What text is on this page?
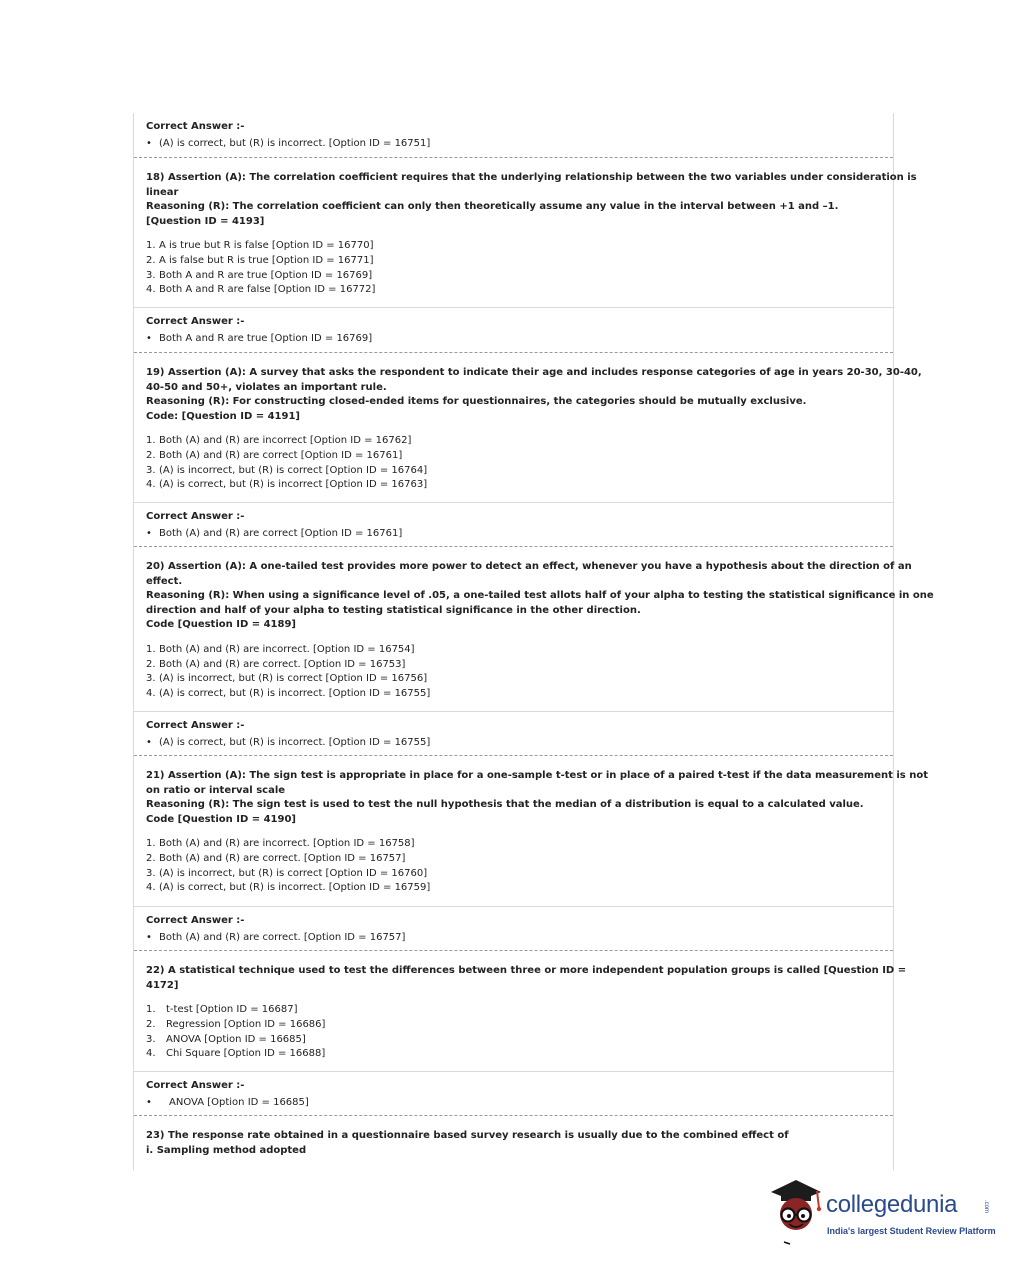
Correct Answer :-
• (A) is correct, but (R) is incorrect. [Option ID = 16751]
18) Assertion (A): The correlation coefficient requires that the underlying relationship between the two variables under consideration is
linear
Reasoning (R): The correlation coefficient can only then theoretically assume any value in the interval between +1 and –1.
[Question ID = 4193]
1. A is true but R is false [Option ID = 16770]
2. A is false but R is true [Option ID = 16771]
3. Both A and R are true [Option ID = 16769]
4. Both A and R are false [Option ID = 16772]
Correct Answer :-
• Both A and R are true [Option ID = 16769]
19) Assertion (A): A survey that asks the respondent to indicate their age and includes response categories of age in years 20-30, 30-40,
40-50 and 50+, violates an important rule.
Reasoning (R): For constructing closed-ended items for questionnaires, the categories should be mutually exclusive.
Code: [Question ID = 4191]
1. Both (A) and (R) are incorrect [Option ID = 16762]
2. Both (A) and (R) are correct [Option ID = 16761]
3. (A) is incorrect, but (R) is correct [Option ID = 16764]
4. (A) is correct, but (R) is incorrect [Option ID = 16763]
Correct Answer :-
• Both (A) and (R) are correct [Option ID = 16761]
20) Assertion (A): A one-tailed test provides more power to detect an effect, whenever you have a hypothesis about the direction of an
effect.
Reasoning (R): When using a significance level of .05, a one-tailed test allots half of your alpha to testing the statistical significance in one
direction and half of your alpha to testing statistical significance in the other direction.
Code [Question ID = 4189]
1. Both (A) and (R) are incorrect. [Option ID = 16754]
2. Both (A) and (R) are correct. [Option ID = 16753]
3. (A) is incorrect, but (R) is correct [Option ID = 16756]
4. (A) is correct, but (R) is incorrect. [Option ID = 16755]
Correct Answer :-
• (A) is correct, but (R) is incorrect. [Option ID = 16755]
21) Assertion (A): The sign test is appropriate in place for a one-sample t-test or in place of a paired t-test if the data measurement is not
on ratio or interval scale
Reasoning (R): The sign test is used to test the null hypothesis that the median of a distribution is equal to a calculated value.
Code [Question ID = 4190]
1. Both (A) and (R) are incorrect. [Option ID = 16758]
2. Both (A) and (R) are correct. [Option ID = 16757]
3. (A) is incorrect, but (R) is correct [Option ID = 16760]
4. (A) is correct, but (R) is incorrect. [Option ID = 16759]
Correct Answer :-
• Both (A) and (R) are correct. [Option ID = 16757]
22) A statistical technique used to test the differences between three or more independent population groups is called [Question ID =
4172]
1.	t-test [Option ID = 16687]
2.	Regression [Option ID = 16686]
3.	ANOVA [Option ID = 16685]
4.	Chi Square [Option ID = 16688]
Correct Answer :-
•	ANOVA [Option ID = 16685]
23) The response rate obtained in a questionnaire based survey research is usually due to the combined effect of
i. Sampling method adopted
collegedunia	.com
India's largest Student Review Platform
